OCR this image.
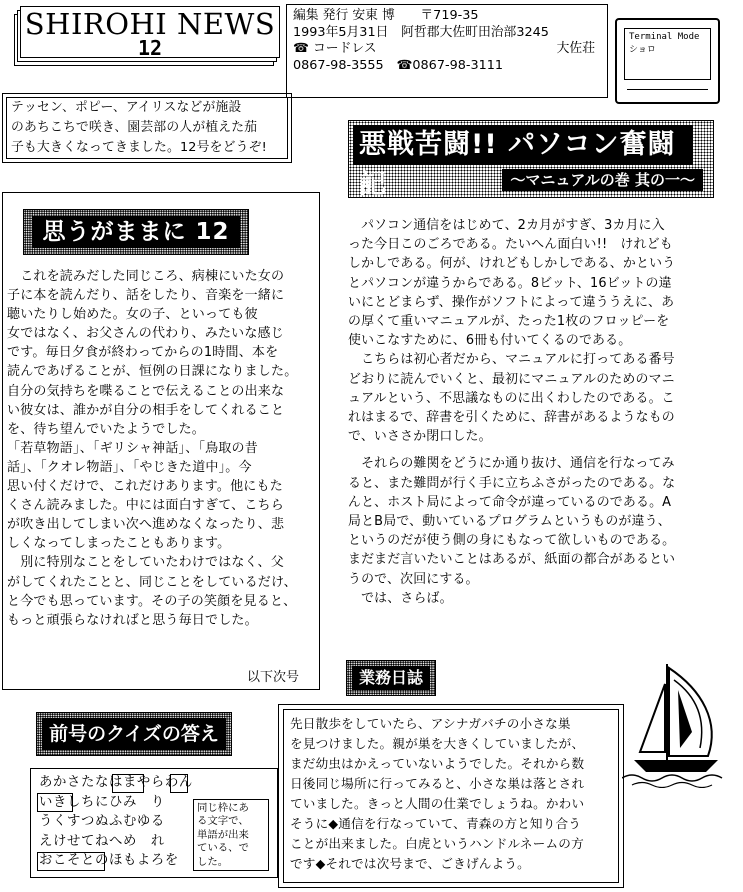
SHIROHI NEWS
12
編集 発行 安東 博　　〒719-35
1993年5月31日　阿哲郡大佐町田治部3245
☎ コードレス	大佐荘
0867-98-3555　☎0867-98-3111
Terminal Mode
ショロ
テッセン、ポピー、アイリスなどが施設
のあちこちで咲き、園芸部の人が植えた茄
子も大きくなってきました。12号をどうぞ!	悪戦苦闘!! パソコン奮闘記	～マニュアルの巻 其の一～
思うがままに 12
　これを読みだした同じころ、病棟にいた女の
子に本を読んだり、話をしたり、音楽を一緒に
聴いたりし始めた。女の子、といっても彼
女ではなく、お父さんの代わり、みたいな感じ
です。毎日夕食が終わってからの1時間、本を
読んであげることが、恒例の日課になりました。
自分の気持ちを喋ることで伝えることの出来な
い彼女は、誰かが自分の相手をしてくれること
を、待ち望んでいたようでした。
「若草物語」、「ギリシャ神話」、「鳥取の昔
話」、「クオレ物語」、「やじきた道中」。今
思い付くだけで、これだけあります。他にもた
くさん読みました。中には面白すぎて、こちら
が吹き出してしまい次へ進めなくなったり、悲
しくなってしまったこともあります。
　別に特別なことをしていたわけではなく、父
がしてくれたことと、同じことをしているだけ、
と今でも思っています。その子の笑顔を見ると、
もっと頑張らなければと思う毎日でした。
以下次号
　パソコン通信をはじめて、2カ月がすぎ、3カ月に入
った今日このごろである。たいへん面白い!!　けれども
しかしである。何が、けれどもしかしである、かという
とパソコンが違うからである。8ビット、16ビットの違
いにとどまらず、操作がソフトによって違ううえに、あ
の厚くて重いマニュアルが、たった1枚のフロッピーを
使いこなすために、6冊も付いてくるのである。
　こちらは初心者だから、マニュアルに打ってある番号
どおりに読んでいくと、最初にマニュアルのためのマニ
ュアルという、不思議なものに出くわしたのである。こ
れはまるで、辞書を引くために、辞書があるようなもの
で、いささか閉口した。
　それらの難関をどうにか通り抜け、通信を行なってみ
ると、また難問が行く手に立ちふさがったのである。な
んと、ホスト局によって命令が違っているのである。A
局とB局で、動いているプログラムというものが違う、
というのだが使う側の身にもなって欲しいものである。
まだまだ言いたいことはあるが、紙面の都合があるとい
うので、次回にする。
　では、さらば。
業務日誌
前号のクイズの答え
あかさたなはまやらわん
いきしちにひみ　り
うくすつぬふむゆる
えけせてねへめ　れ
おこそとのほもよろを
同じ枠にあ
る文字で、
単語が出来
ている、で
した。
先日散歩をしていたら、アシナガバチの小さな巣
を見つけました。親が巣を大きくしていましたが、
まだ幼虫はかえっていないようでした。それから数
日後同じ場所に行ってみると、小さな巣は落とされ
ていました。きっと人間の仕業でしょうね。かわい
そうに◆通信を行なっていて、青森の方と知り合う
ことが出来ました。白虎というハンドルネームの方
です◆それでは次号まで、ごきげんよう。
